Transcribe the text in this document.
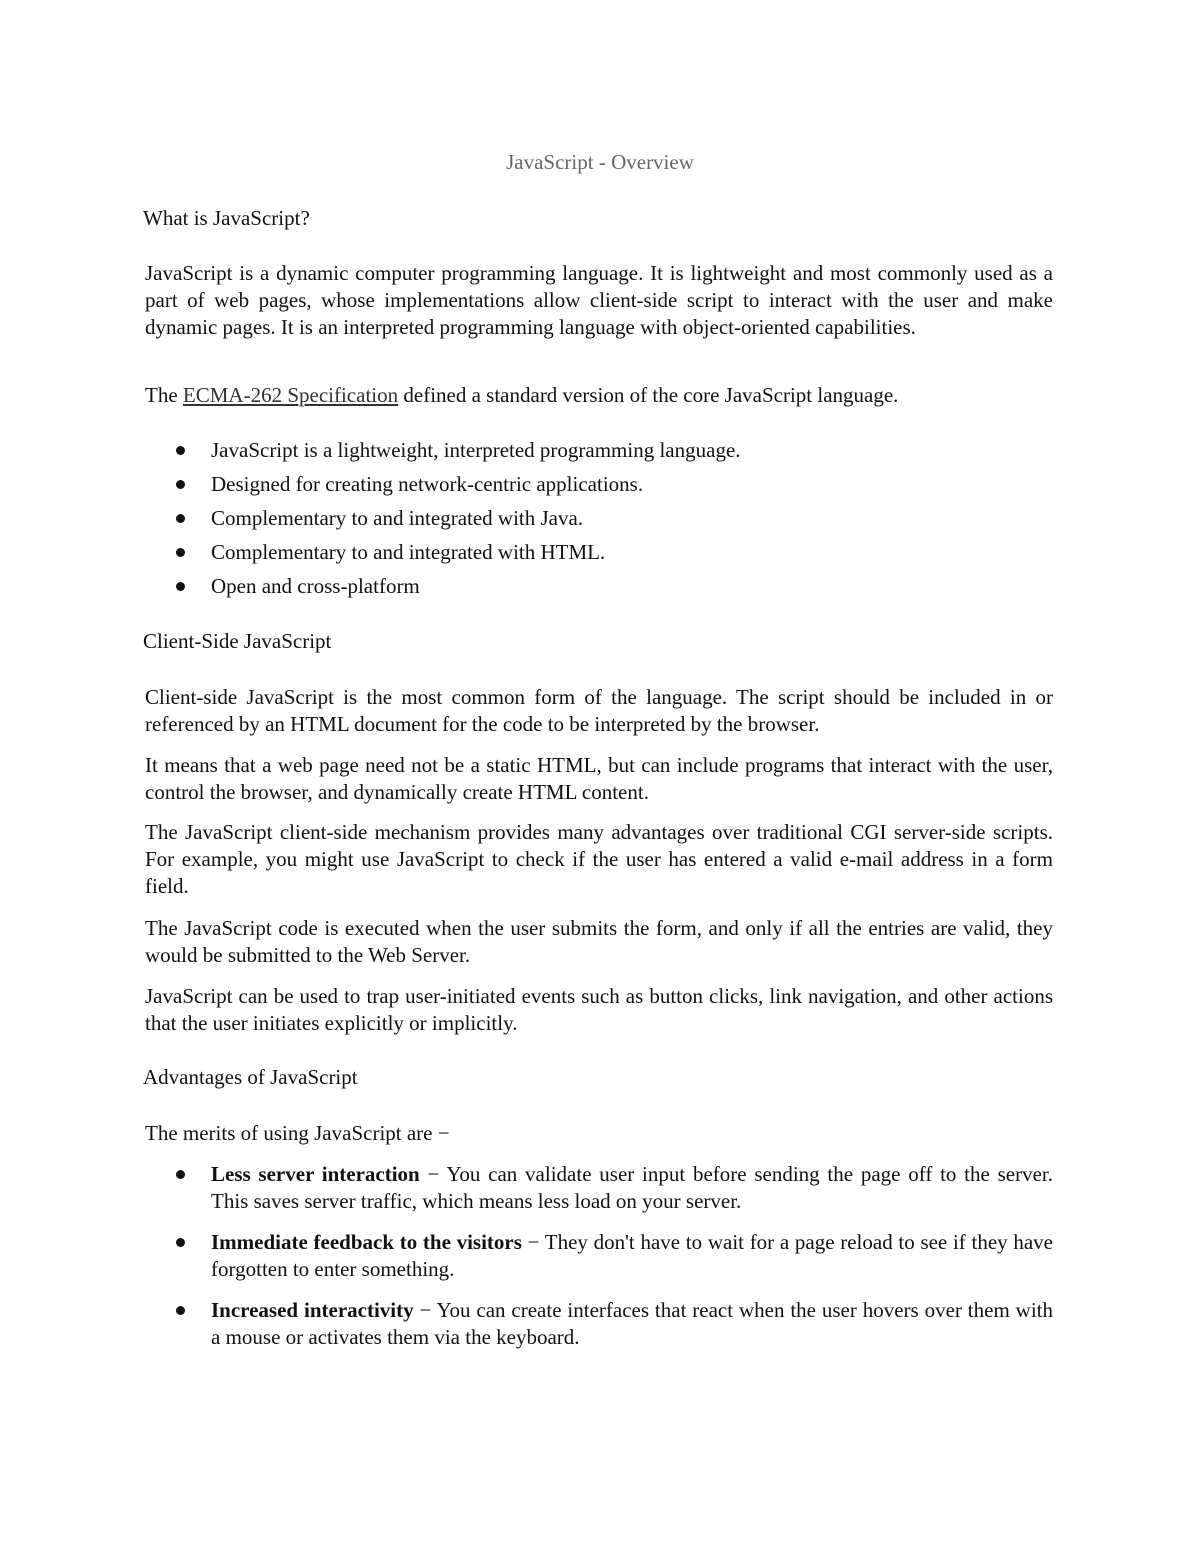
JavaScript - Overview
What is JavaScript?

JavaScript is a dynamic computer programming language. It is lightweight and most commonly used as a part of web pages, whose implementations allow client-side script to interact with the user and make dynamic pages. It is an interpreted programming language with object-oriented capabilities.

The ECMA-262 Specification defined a standard version of the core JavaScript language.

JavaScript is a lightweight, interpreted programming language.
Designed for creating network-centric applications.
Complementary to and integrated with Java.
Complementary to and integrated with HTML.
Open and cross-platform
Client-Side JavaScript

Client-side JavaScript is the most common form of the language. The script should be included in or referenced by an HTML document for the code to be interpreted by the browser.

It means that a web page need not be a static HTML, but can include programs that interact with the user, control the browser, and dynamically create HTML content.

The JavaScript client-side mechanism provides many advantages over traditional CGI server-side scripts. For example, you might use JavaScript to check if the user has entered a valid e-mail address in a form field.

The JavaScript code is executed when the user submits the form, and only if all the entries are valid, they would be submitted to the Web Server.

JavaScript can be used to trap user-initiated events such as button clicks, link navigation, and other actions that the user initiates explicitly or implicitly.

Advantages of JavaScript

The merits of using JavaScript are −

Less server interaction − You can validate user input before sending the page off to the server. This saves server traffic, which means less load on your server.
Immediate feedback to the visitors − They don't have to wait for a page reload to see if they have forgotten to enter something.
Increased interactivity − You can create interfaces that react when the user hovers over them with a mouse or activates them via the keyboard.
